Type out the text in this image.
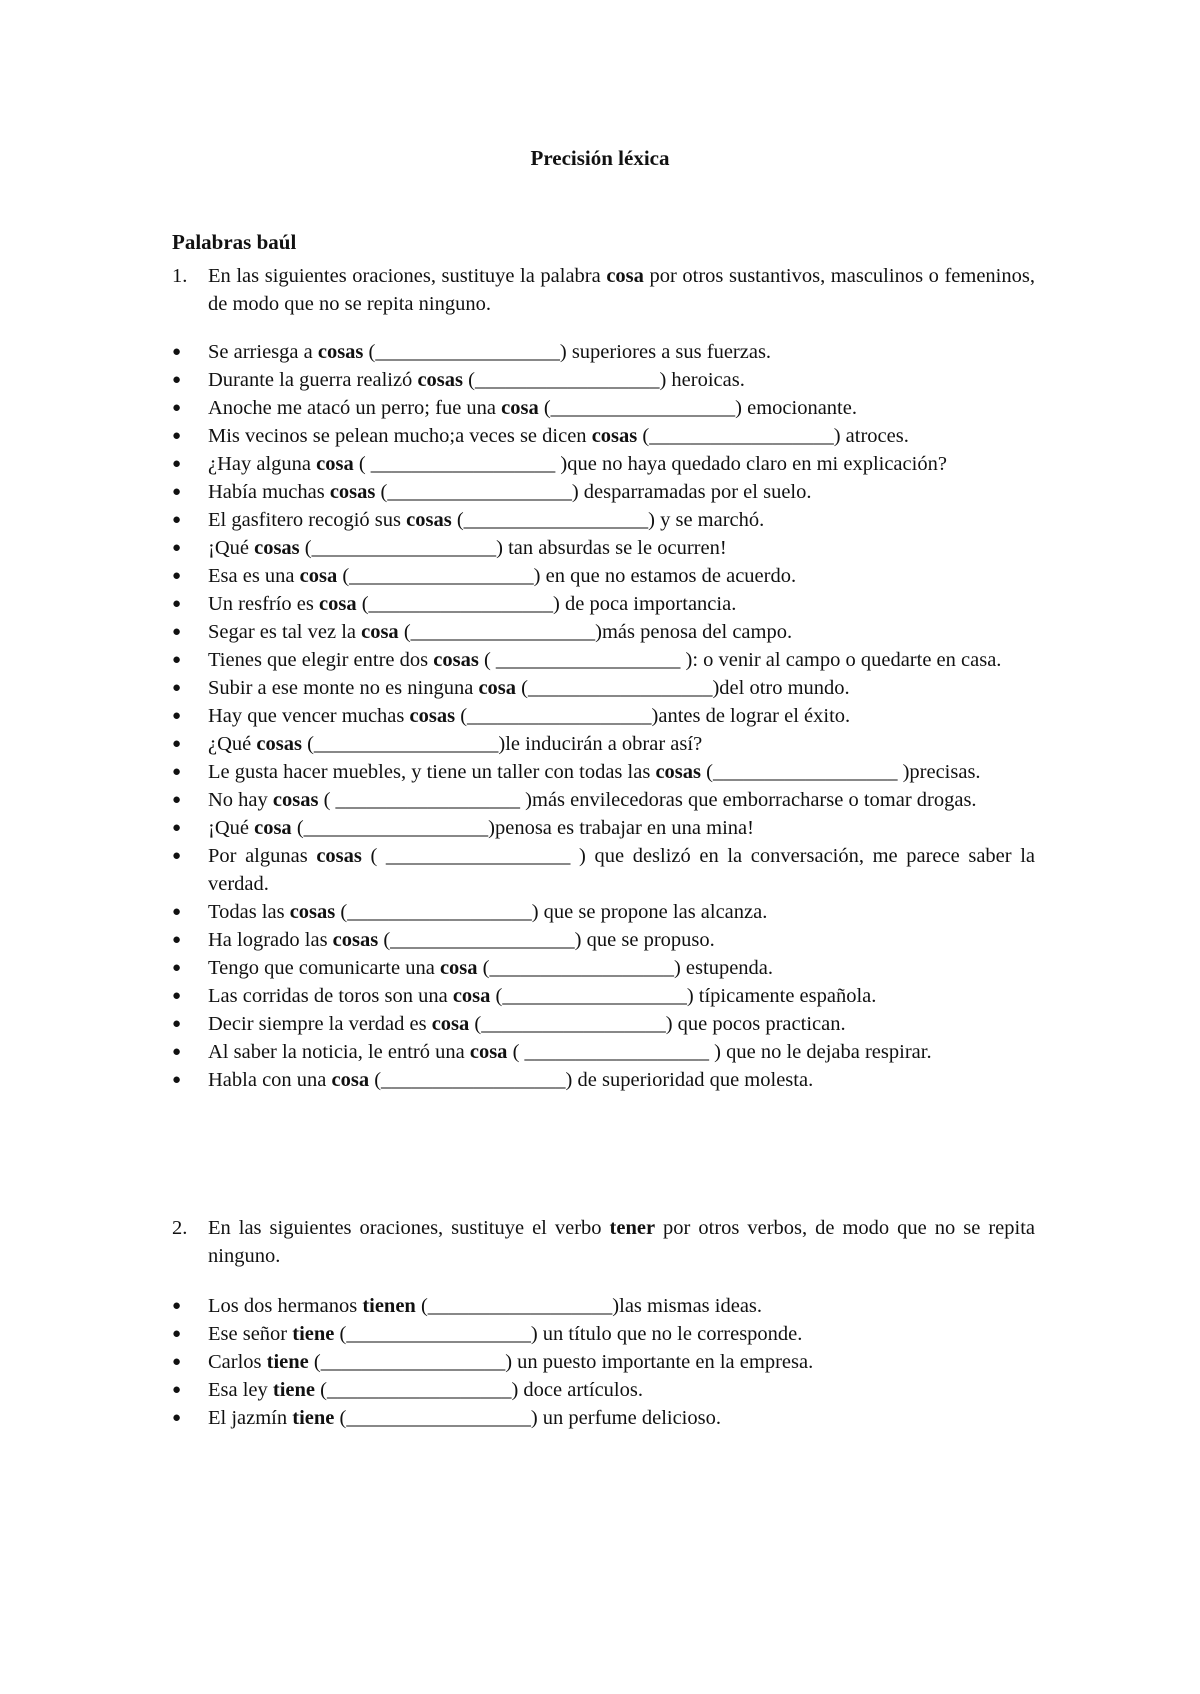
Precisión léxica
Palabras baúl
1. En las siguientes oraciones, sustituye la palabra cosa por otros sustantivos, masculinos o femeninos, de modo que no se repita ninguno.
● Se arriesga a cosas (__________________) superiores a sus fuerzas.
● Durante la guerra realizó cosas (__________________) heroicas.
● Anoche me atacó un perro; fue una cosa (__________________) emocionante.
● Mis vecinos se pelean mucho;a veces se dicen cosas (__________________) atroces.
● ¿Hay alguna cosa ( __________________ )que no haya quedado claro en mi explicación?
● Había muchas cosas (__________________) desparramadas por el suelo.
● El gasfitero recogió sus cosas (__________________) y se marchó.
● ¡Qué cosas (__________________) tan absurdas se le ocurren!
● Esa es una cosa (__________________) en que no estamos de acuerdo.
● Un resfrío es cosa (__________________) de poca importancia.
● Segar es tal vez la cosa (__________________)más penosa del campo.
● Tienes que elegir entre dos cosas ( __________________ ): o venir al campo o quedarte en casa.
● Subir a ese monte no es ninguna cosa (__________________)del otro mundo.
● Hay que vencer muchas cosas (__________________)antes de lograr el éxito.
● ¿Qué cosas (__________________)le inducirán a obrar así?
● Le gusta hacer muebles, y tiene un taller con todas las cosas (__________________ )precisas.
● No hay cosas ( __________________ )más envilecedoras que emborracharse o tomar drogas.
● ¡Qué cosa (__________________)penosa es trabajar en una mina!
● Por algunas cosas ( __________________ ) que deslizó en la conversación, me parece saber la verdad.
● Todas las cosas (__________________) que se propone las alcanza.
● Ha logrado las cosas (__________________) que se propuso.
● Tengo que comunicarte una cosa (__________________) estupenda.
● Las corridas de toros son una cosa (__________________) típicamente española.
● Decir siempre la verdad es cosa (__________________) que pocos practican.
● Al saber la noticia, le entró una cosa ( __________________ ) que no le dejaba respirar.
● Habla con una cosa (__________________) de superioridad que molesta.
2. En las siguientes oraciones, sustituye el verbo tener por otros verbos, de modo que no se repita ninguno.
● Los dos hermanos tienen (__________________)las mismas ideas.
● Ese señor tiene (__________________) un título que no le corresponde.
● Carlos tiene (__________________) un puesto importante en la empresa.
● Esa ley tiene (__________________) doce artículos.
● El jazmín tiene (__________________) un perfume delicioso.
